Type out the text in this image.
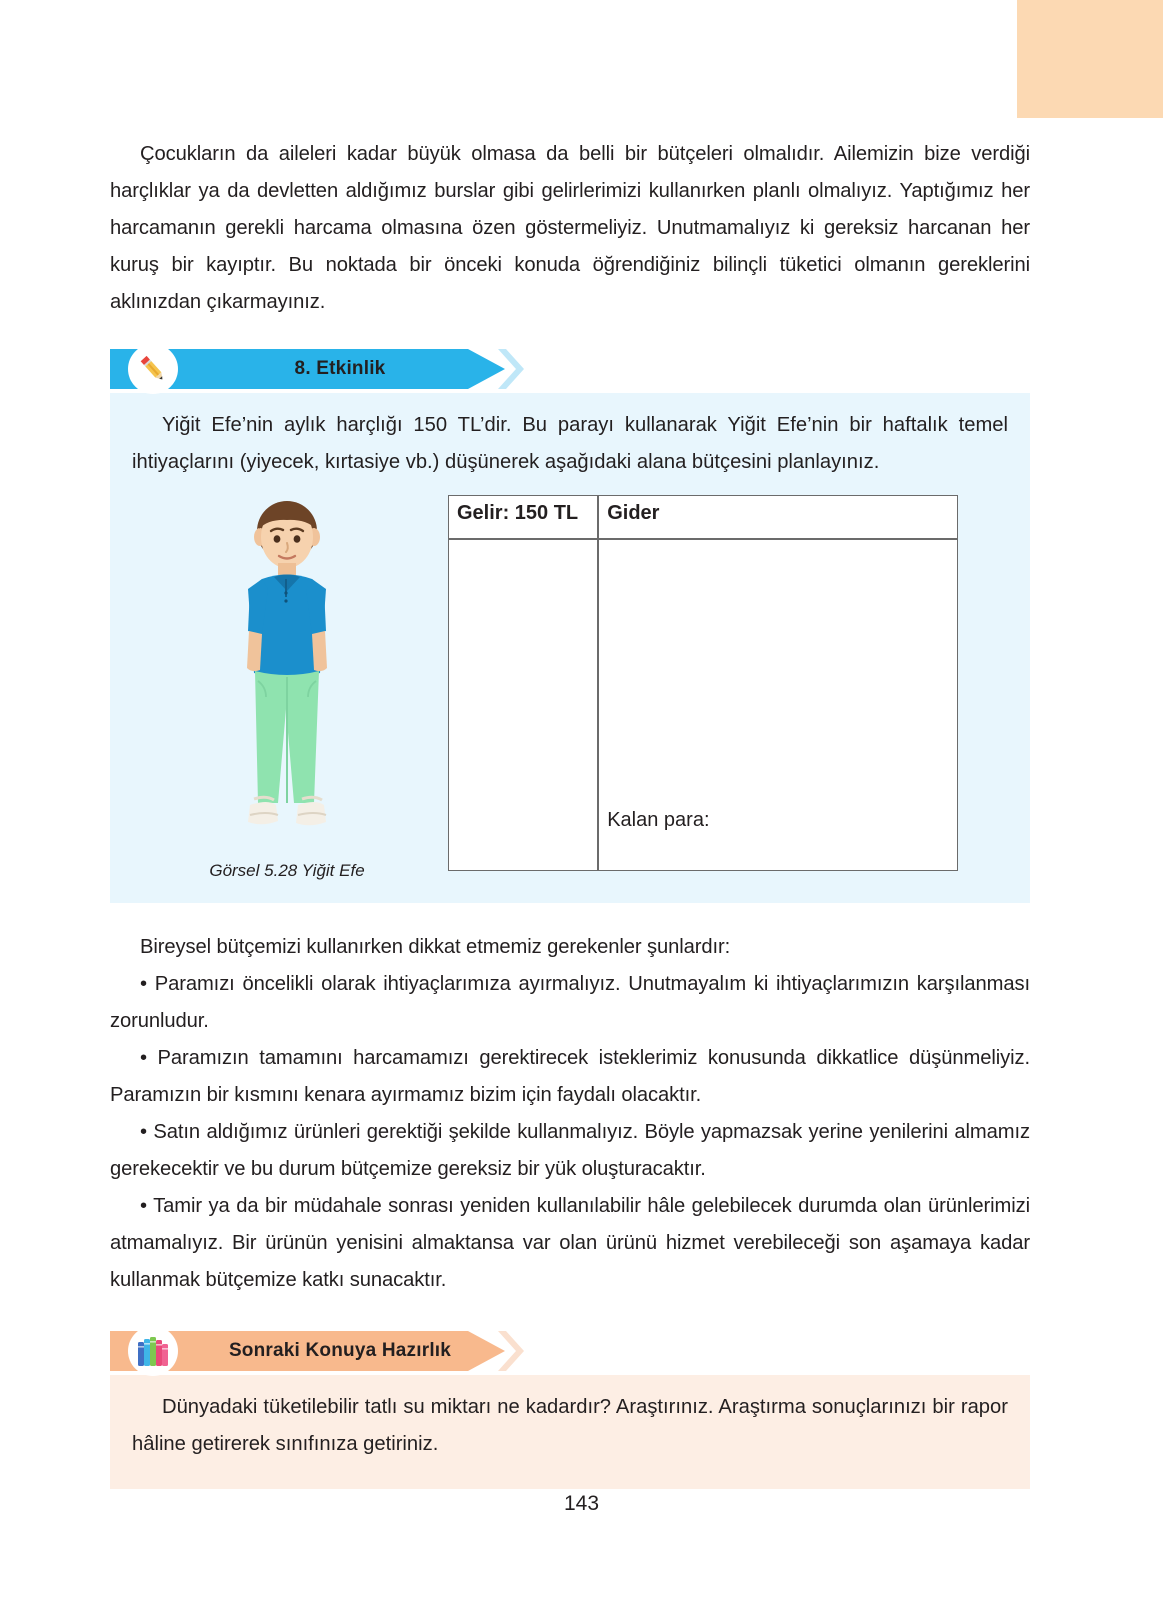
Çocukların da aileleri kadar büyük olmasa da belli bir bütçeleri olmalıdır. Ailemizin bize verdiği harçlıklar ya da devletten aldığımız burslar gibi gelirlerimizi kullanırken planlı olmalıyız. Yaptığımız her harcamanın gerekli harcama olmasına özen göstermeliyiz. Unutmamalıyız ki gereksiz harcanan her kuruş bir kayıptır. Bu noktada bir önceki konuda öğrendiğiniz bilinçli tüketici olmanın gereklerini aklınızdan çıkarmayınız.

8. Etkinlik

Yiğit Efe’nin aylık harçlığı 150 TL’dir. Bu parayı kullanarak Yiğit Efe’nin bir haftalık temel ihtiyaçlarını (yiyecek, kırtasiye vb.) düşünerek aşağıdaki alana bütçesini planlayınız.

Görsel 5.28 Yiğit Efe
Gelir: 150 TL	Gider

	Kalan para:

Bireysel bütçemizi kullanırken dikkat etmemiz gerekenler şunlardır:

• Paramızı öncelikli olarak ihtiyaçlarımıza ayırmalıyız. Unutmayalım ki ihtiyaçlarımızın karşılanması zorunludur.

• Paramızın tamamını harcamamızı gerektirecek isteklerimiz konusunda dikkatlice düşünmeliyiz. Paramızın bir kısmını kenara ayırmamız bizim için faydalı olacaktır.

• Satın aldığımız ürünleri gerektiği şekilde kullanmalıyız. Böyle yapmazsak yerine yenilerini almamız gerekecektir ve bu durum bütçemize gereksiz bir yük oluşturacaktır.

• Tamir ya da bir müdahale sonrası yeniden kullanılabilir hâle gelebilecek durumda olan ürünlerimizi atmamalıyız. Bir ürünün yenisini almaktansa var olan ürünü hizmet verebileceği son aşamaya kadar kullanmak bütçemize katkı sunacaktır.

Sonraki Konuya Hazırlık

Dünyadaki tüketilebilir tatlı su miktarı ne kadardır? Araştırınız. Araştırma sonuçlarınızı bir rapor hâline getirerek sınıfınıza getiriniz.

143
